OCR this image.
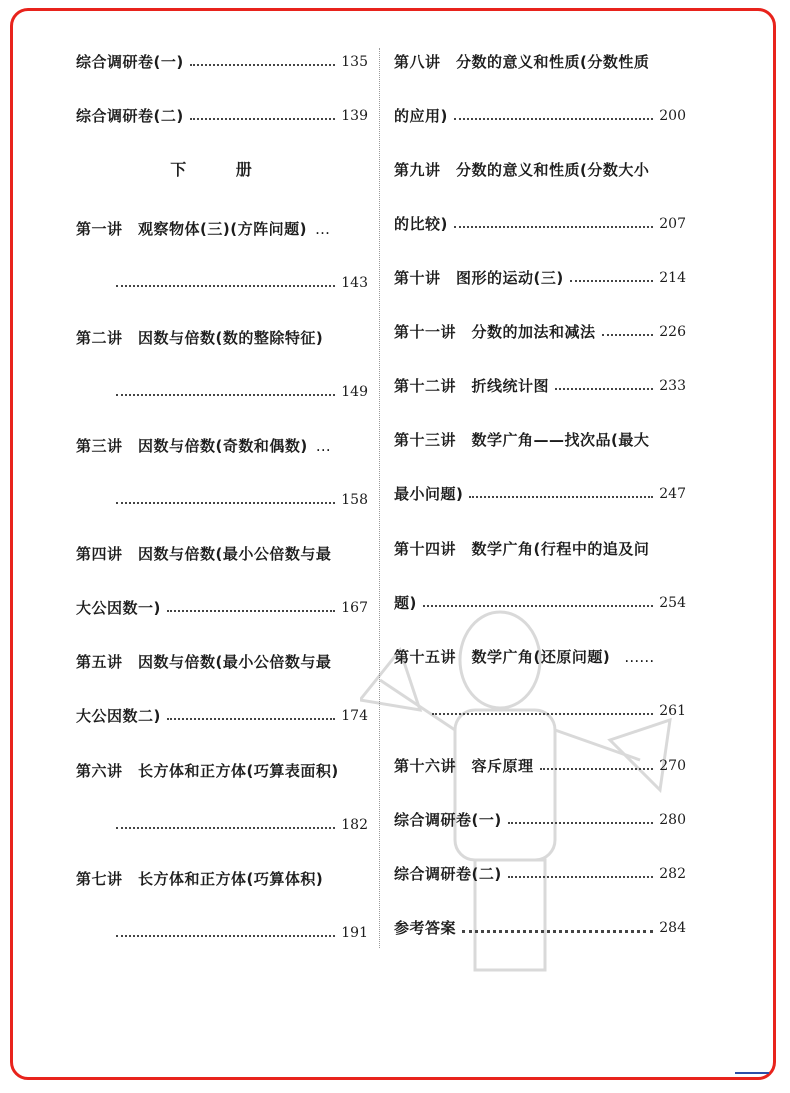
综合调研卷(一)	135
综合调研卷(二)	139
下 册
第一讲　观察物体(三)(方阵问题) …
143
第二讲　因数与倍数(数的整除特征)
149
第三讲　因数与倍数(奇数和偶数) …
158
第四讲　因数与倍数(最小公倍数与最
大公因数一)	167
第五讲　因数与倍数(最小公倍数与最
大公因数二)	174
第六讲　长方体和正方体(巧算表面积)
182
第七讲　长方体和正方体(巧算体积)
191
第八讲　分数的意义和性质(分数性质
的应用)	200
第九讲　分数的意义和性质(分数大小
的比较)	207
第十讲　图形的运动(三)	214
第十一讲　分数的加法和减法	226
第十二讲　折线统计图	233
第十三讲　数学广角——找次品(最大
最小问题)	247
第十四讲　数学广角(行程中的追及问
题)	254
第十五讲　数学广角(还原问题) ……
261
第十六讲　容斥原理	270
综合调研卷(一)	280
综合调研卷(二)	282
参考答案	284
